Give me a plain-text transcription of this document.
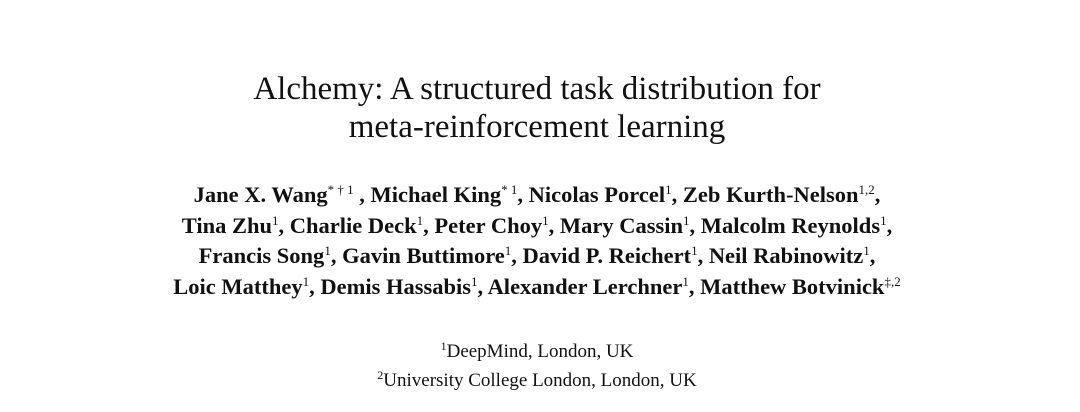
Alchemy: A structured task distribution for
meta-reinforcement learning
Jane X. Wang$^{* \dagger 1}$ , Michael King$^{* 1}$, Nicolas Porcel$^1$, Zeb Kurth-Nelson$^{1,2}$,
Tina Zhu$^1$, Charlie Deck$^1$, Peter Choy$^1$, Mary Cassin$^1$, Malcolm Reynolds$^1$,
Francis Song$^1$, Gavin Buttimore$^1$, David P. Reichert$^1$, Neil Rabinowitz$^1$,
Loic Matthey$^1$, Demis Hassabis$^1$, Alexander Lerchner$^1$, Matthew Botvinick$^{\ddagger,2}$
$^1$DeepMind, London, UK
$^2$University College London, London, UK
